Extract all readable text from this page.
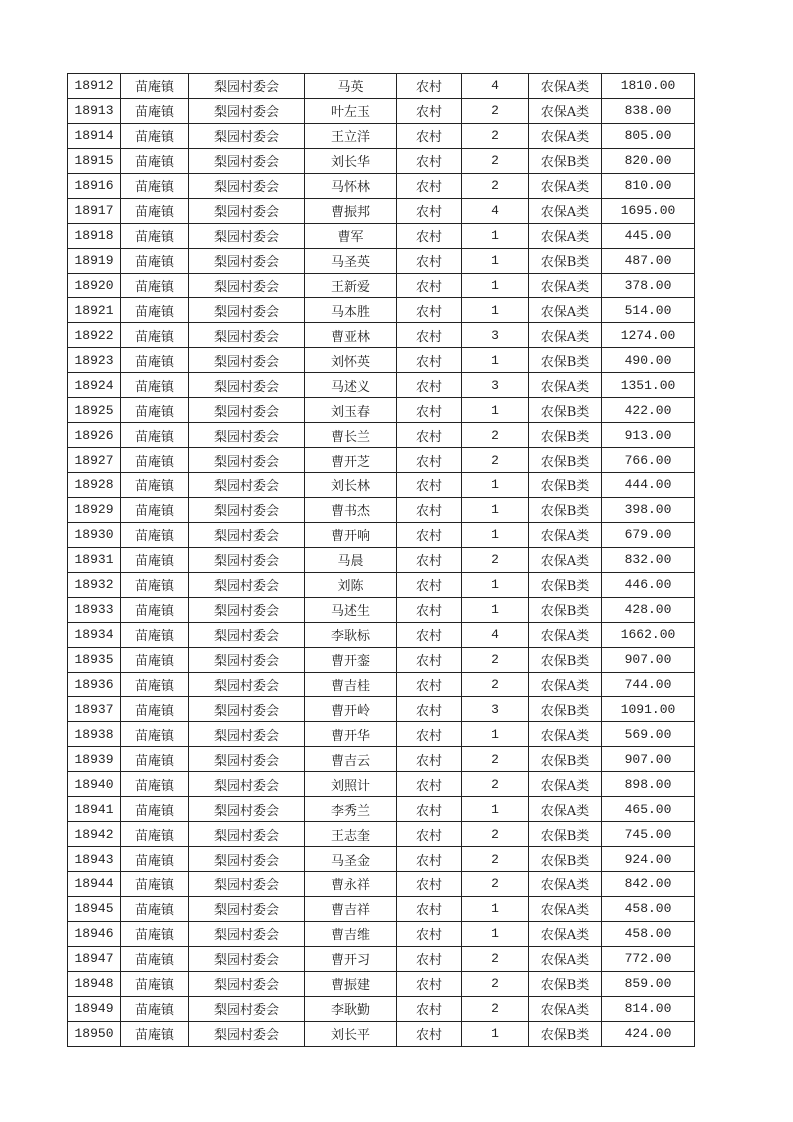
18912	苗庵镇	梨园村委会	马英	农村	4	农保A类	1810.00
18913	苗庵镇	梨园村委会	叶左玉	农村	2	农保A类	838.00
18914	苗庵镇	梨园村委会	王立洋	农村	2	农保A类	805.00
18915	苗庵镇	梨园村委会	刘长华	农村	2	农保B类	820.00
18916	苗庵镇	梨园村委会	马怀林	农村	2	农保A类	810.00
18917	苗庵镇	梨园村委会	曹振邦	农村	4	农保A类	1695.00
18918	苗庵镇	梨园村委会	曹军	农村	1	农保A类	445.00
18919	苗庵镇	梨园村委会	马圣英	农村	1	农保B类	487.00
18920	苗庵镇	梨园村委会	王新爱	农村	1	农保A类	378.00
18921	苗庵镇	梨园村委会	马本胜	农村	1	农保A类	514.00
18922	苗庵镇	梨园村委会	曹亚林	农村	3	农保A类	1274.00
18923	苗庵镇	梨园村委会	刘怀英	农村	1	农保B类	490.00
18924	苗庵镇	梨园村委会	马述义	农村	3	农保A类	1351.00
18925	苗庵镇	梨园村委会	刘玉春	农村	1	农保B类	422.00
18926	苗庵镇	梨园村委会	曹长兰	农村	2	农保B类	913.00
18927	苗庵镇	梨园村委会	曹开芝	农村	2	农保B类	766.00
18928	苗庵镇	梨园村委会	刘长林	农村	1	农保B类	444.00
18929	苗庵镇	梨园村委会	曹书杰	农村	1	农保B类	398.00
18930	苗庵镇	梨园村委会	曹开响	农村	1	农保A类	679.00
18931	苗庵镇	梨园村委会	马晨	农村	2	农保A类	832.00
18932	苗庵镇	梨园村委会	刘陈	农村	1	农保B类	446.00
18933	苗庵镇	梨园村委会	马述生	农村	1	农保B类	428.00
18934	苗庵镇	梨园村委会	李耿标	农村	4	农保A类	1662.00
18935	苗庵镇	梨园村委会	曹开銮	农村	2	农保B类	907.00
18936	苗庵镇	梨园村委会	曹吉桂	农村	2	农保A类	744.00
18937	苗庵镇	梨园村委会	曹开岭	农村	3	农保B类	1091.00
18938	苗庵镇	梨园村委会	曹开华	农村	1	农保A类	569.00
18939	苗庵镇	梨园村委会	曹吉云	农村	2	农保B类	907.00
18940	苗庵镇	梨园村委会	刘照计	农村	2	农保A类	898.00
18941	苗庵镇	梨园村委会	李秀兰	农村	1	农保A类	465.00
18942	苗庵镇	梨园村委会	王志奎	农村	2	农保B类	745.00
18943	苗庵镇	梨园村委会	马圣金	农村	2	农保B类	924.00
18944	苗庵镇	梨园村委会	曹永祥	农村	2	农保A类	842.00
18945	苗庵镇	梨园村委会	曹吉祥	农村	1	农保A类	458.00
18946	苗庵镇	梨园村委会	曹吉维	农村	1	农保A类	458.00
18947	苗庵镇	梨园村委会	曹开习	农村	2	农保A类	772.00
18948	苗庵镇	梨园村委会	曹振建	农村	2	农保B类	859.00
18949	苗庵镇	梨园村委会	李耿勤	农村	2	农保A类	814.00
18950	苗庵镇	梨园村委会	刘长平	农村	1	农保B类	424.00
